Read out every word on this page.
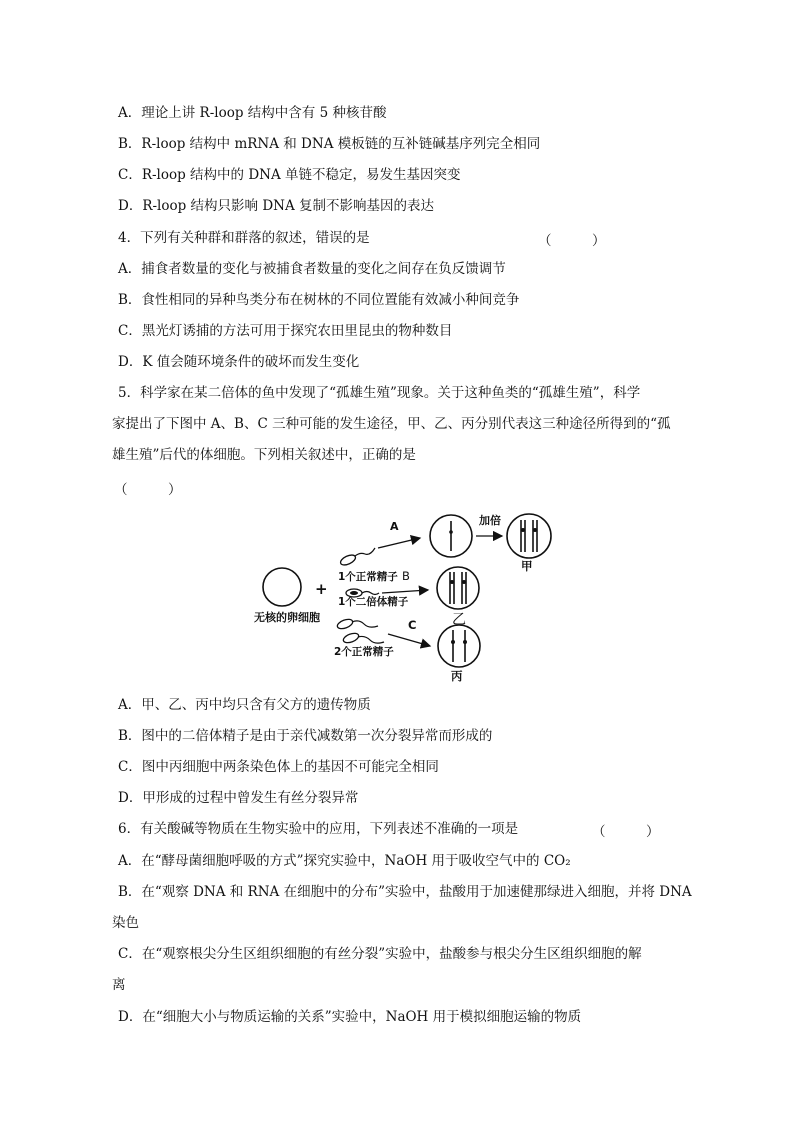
A．理论上讲 R-loop 结构中含有 5 种核苷酸
B．R-loop 结构中 mRNA 和 DNA 模板链的互补链碱基序列完全相同
C．R-loop 结构中的 DNA 单链不稳定，易发生基因突变
D．R-loop 结构只影响 DNA 复制不影响基因的表达
4．下列有关种群和群落的叙述，错误的是	（　　　）
A．捕食者数量的变化与被捕食者数量的变化之间存在负反馈调节
B．食性相同的异种鸟类分布在树林的不同位置能有效减小种间竞争
C．黑光灯诱捕的方法可用于探究农田里昆虫的物种数目
D．K 值会随环境条件的破坏而发生变化
5．科学家在某二倍体的鱼中发现了“孤雄生殖”现象。关于这种鱼类的“孤雄生殖”，科学
家提出了下图中 A、B、C 三种可能的发生途径，甲、乙、丙分别代表这三种途径所得到的“孤
雄生殖”后代的体细胞。下列相关叙述中，正确的是
（　　　）
无核的卵细胞
+
A
1个正常精子 B
1个二倍体精子
C
2个正常精子
加倍
甲
乙
丙
A．甲、乙、丙中均只含有父方的遗传物质
B．图中的二倍体精子是由于亲代减数第一次分裂异常而形成的
C．图中丙细胞中两条染色体上的基因不可能完全相同
D．甲形成的过程中曾发生有丝分裂异常
6．有关酸碱等物质在生物实验中的应用，下列表述不准确的一项是	（　　　）
A．在“酵母菌细胞呼吸的方式”探究实验中，NaOH 用于吸收空气中的 CO₂
B．在“观察 DNA 和 RNA 在细胞中的分布”实验中，盐酸用于加速健那绿进入细胞，并将 DNA
染色
C．在“观察根尖分生区组织细胞的有丝分裂”实验中，盐酸参与根尖分生区组织细胞的解
离
D．在“细胞大小与物质运输的关系”实验中，NaOH 用于模拟细胞运输的物质
